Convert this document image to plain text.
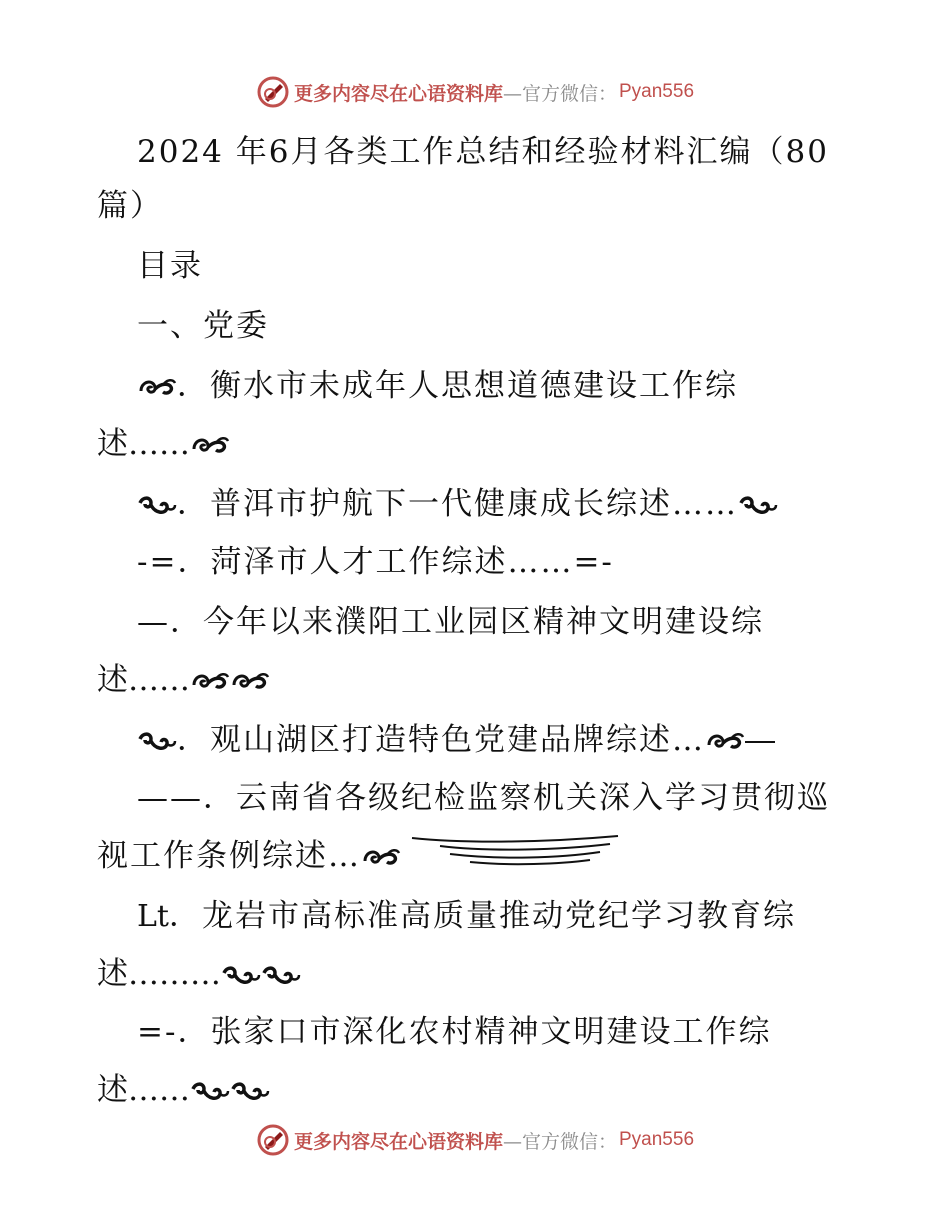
更多内容尽在心语资料库 —官方微信： Pyan556
2024 年6月各类工作总结和经验材料汇编（80
篇）
目录
一、党委
．衡水市未成年人思想道德建设工作综
述……
．普洱市护航下一代健康成长综述……
-=．菏泽市人才工作综述……=-
—．今年以来濮阳工业园区精神文明建设综
述……
．观山湖区打造特色党建品牌综述…
——．云南省各级纪检监察机关深入学习贯彻巡
视工作条例综述…
Lt．龙岩市高标准高质量推动党纪学习教育综
述………
=-．张家口市深化农村精神文明建设工作综
述……
更多内容尽在心语资料库 —官方微信： Pyan556
